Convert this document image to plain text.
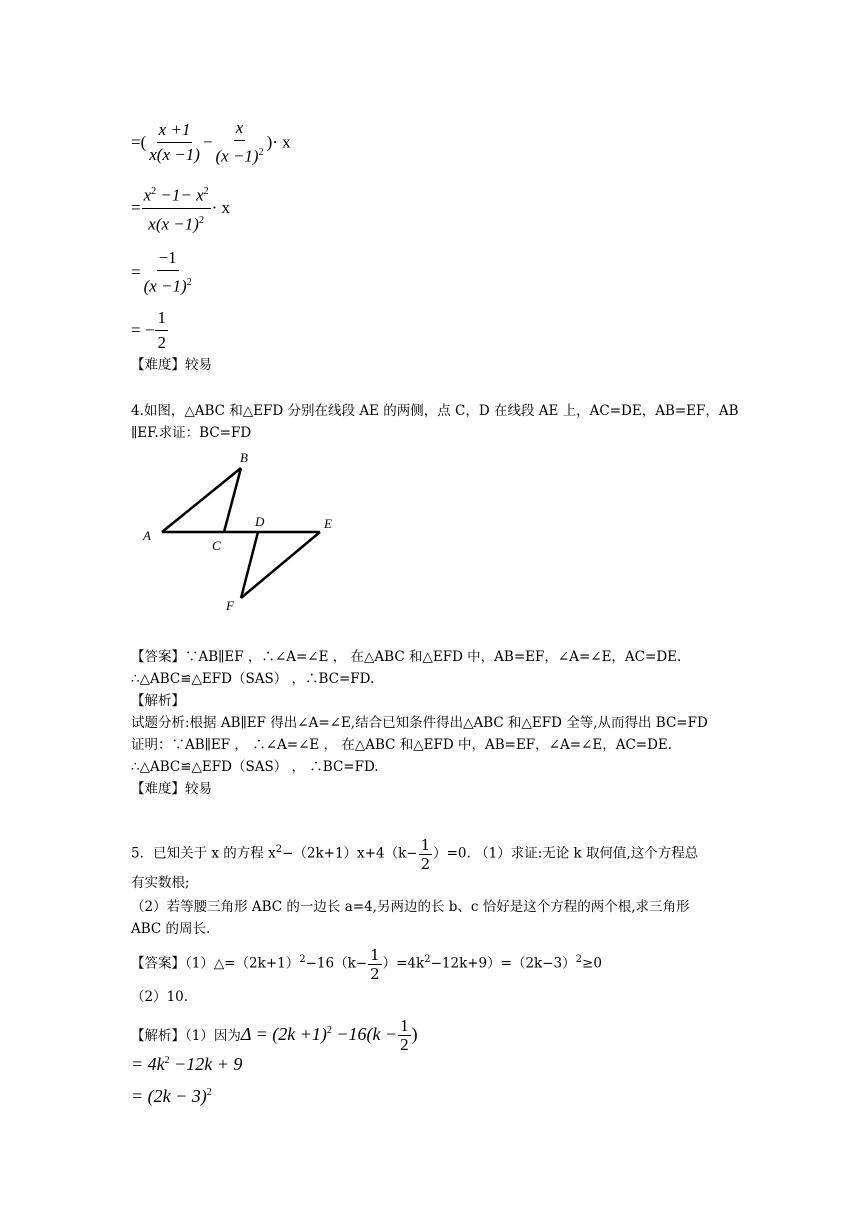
=( $\frac{x +1}{x(x -1)} - \frac{x}{(x -1)^2}$ )· x
= $\frac{x^2 -1- x^2}{x(x -1)^2} \cdot x$
= $\frac{-1}{(x -1)^2}$
= − $\frac{1}{2}$
【难度】较易
4.如图，△ABC 和△EFD 分别在线段 AE 的两侧，点 C，D 在线段 AE 上，AC=DE，AB=EF，AB
∥EF.求证：BC=FD
A
B
C
D	E
F
【答案】∵AB∥EF ，∴∠A=∠E ， 在△ABC 和△EFD 中，AB=EF，∠A=∠E，AC=DE.
∴△ABC≌△EFD（SAS） ，∴BC=FD.
【解析】
试题分析:根据 AB∥EF 得出∠A=∠E,结合已知条件得出△ABC 和△EFD 全等,从而得出 BC=FD
证明：∵AB∥EF ， ∴∠A=∠E ， 在△ABC 和△EFD 中，AB=EF，∠A=∠E，AC=DE.
∴△ABC≌△EFD（SAS） ， ∴BC=FD.
【难度】较易
5．已知关于 x 的方程 $x^2-(2k+1)x+4(k- \frac{1}{2} )=0$. （1）求证:无论 k 取何值,这个方程总
有实数根;
（2）若等腰三角形 ABC 的一边长 a=4,另两边的长 b、c 恰好是这个方程的两个根,求三角形
ABC 的周长.
【答案】$(1)\triangle=(2k+1)^2-16(k- \frac{1}{2} )=4k^2-12k+9)=(2k-3)^2\ge 0$
（2）10.
【解析】（1）因为$\Delta = (2k +1)^2 -16(k - \frac{1}{2}$ )
= $4k^2 -12k + 9$
= $(2k - 3)^2$
